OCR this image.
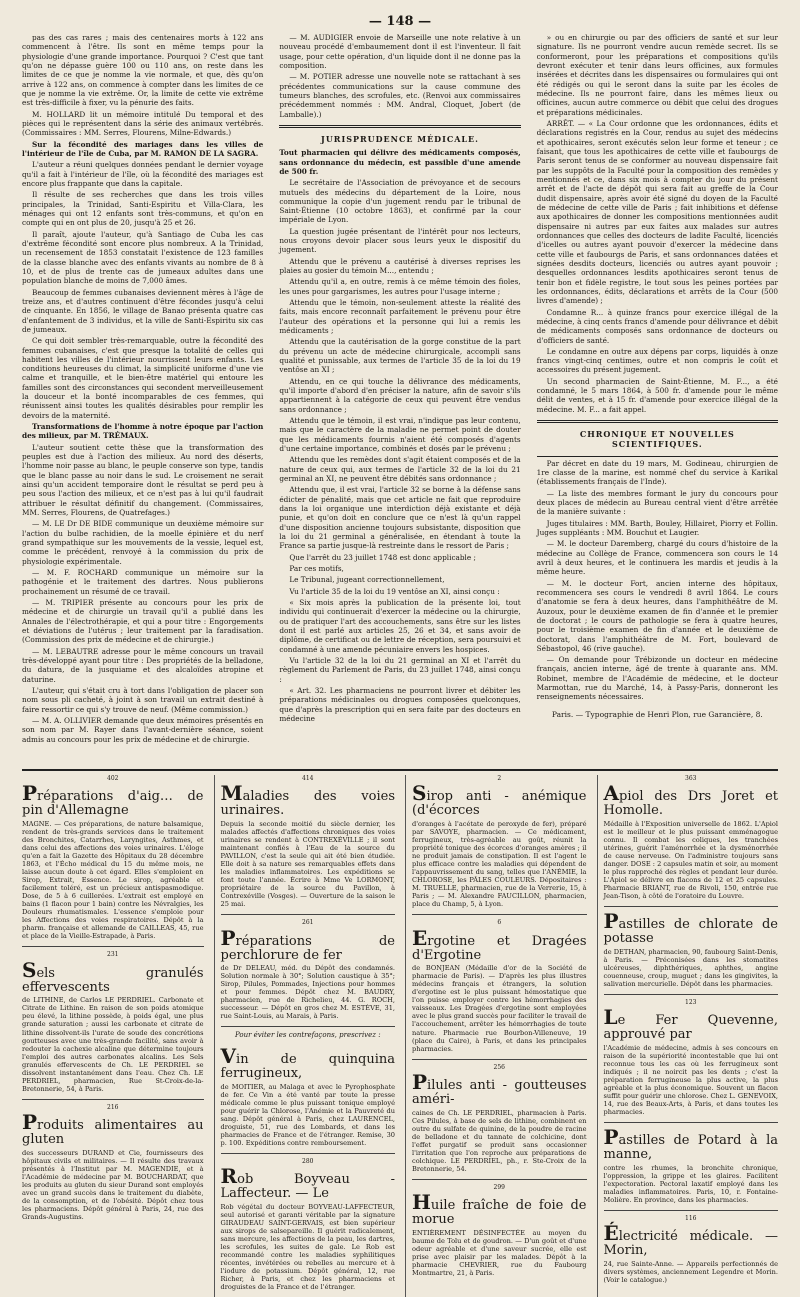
— 148 —

pas des cas rares ; mais des centenaires morts à 122 ans commencent à l'être. Ils sont en même temps pour la physiologie d'une grande importance. Pourquoi ? C'est que tant qu'on ne dépasse guère 100 ou 110 ans, on reste dans les limites de ce que je nomme la vie normale, et que, dès qu'on arrive à 122 ans, on commence à compter dans les limites de ce que je nomme la vie extrême. Or, la limite de cette vie extrême est très-difficile à fixer, vu la pénurie des faits.

M. HOLLARD lit un mémoire intitulé Du temporal et des pièces qui le représentent dans la série des animaux vertébrés. (Commissaires : MM. Serres, Flourens, Milne-Edwards.)

Sur la fécondité des mariages dans les villes de l'intérieur de l'île de Cuba, par M. RAMON DE LA SAGRA.

L'auteur a réuni quelques données pendant le dernier voyage qu'il a fait à l'intérieur de l'île, où la fécondité des mariages est encore plus frappante que dans la capitale.

Il résulte de ses recherches que dans les trois villes principales, la Trinidad, Santi-Espiritu et Villa-Clara, les ménages qui ont 12 enfants sont très-communs, et qu'on en compte qui en ont plus de 20, jusqu'à 25 et 26.

Il paraît, ajoute l'auteur, qu'à Santiago de Cuba les cas d'extrême fécondité sont encore plus nombreux. A la Trinidad, un recensement de 1853 constatait l'existence de 123 familles de la classe blanche avec des enfants vivants au nombre de 8 à 10, et de plus de trente cas de jumeaux adultes dans une population blanche de moins de 7,000 âmes.

Beaucoup de femmes cubanaises deviennent mères à l'âge de treize ans, et d'autres continuent d'être fécondes jusqu'à celui de cinquante. En 1856, le village de Banao présenta quatre cas d'enfantement de 3 individus, et la ville de Santi-Espiritu six cas de jumeaux.

Ce qui doit sembler très-remarquable, outre la fécondité des femmes cubanaises, c'est que presque la totalité de celles qui habitent les villes de l'intérieur nourrissent leurs enfants. Les conditions heureuses du climat, la simplicité uniforme d'une vie calme et tranquille, et le bien-être matériel qui entoure les familles sont des circonstances qui secondent merveilleusement la douceur et la bonté incomparables de ces femmes, qui réunissent ainsi toutes les qualités désirables pour remplir les devoirs de la maternité.

Transformations de l'homme à notre époque par l'action des milieux, par M. TRÉMAUX.

L'auteur soutient cette thèse que la transformation des peuples est due à l'action des milieux. Au nord des déserts, l'homme noir passe au blanc, le peuple conserve son type, tandis que le blanc passe au noir dans le sud. Le croisement ne serait ainsi qu'un accident temporaire dont le résultat se perd peu à peu sous l'action des milieux, et ce n'est pas à lui qu'il faudrait attribuer le résultat définitif du changement. (Commissaires, MM. Serres, Flourens, de Quatrefages.)

— M. LE Dr DE BIDE communique un deuxième mémoire sur l'action du bulbe rachidien, de la moelle épinière et du nerf grand sympathique sur les mouvements de la vessie, lequel est, comme le précédent, renvoyé à la commission du prix de physiologie expérimentale.

— M. F. ROCHARD communique un mémoire sur la pathogénie et le traitement des dartres. Nous publierons prochainement un résumé de ce travail.

— M. TRIPIER présente au concours pour les prix de médecine et de chirurgie un travail qu'il a publié dans les Annales de l'électrothérapie, et qui a pour titre : Engorgements et déviations de l'utérus ; leur traitement par la faradisation. (Commission des prix de médecine et de chirurgie.)

— M. LEBAUTRE adresse pour le même concours un travail très-développé ayant pour titre : Des propriétés de la belladone, du datura, de la jusquiame et des alcaloïdes atropine et daturine.

L'auteur, qui s'était cru à tort dans l'obligation de placer son nom sous pli cacheté, à joint à son travail un extrait destiné à faire ressortir ce qui s'y trouve de neuf. (Même commission.)

— M. A. OLLIVIER demande que deux mémoires présentés en son nom par M. Rayer dans l'avant-dernière séance, soient admis au concours pour les prix de médecine et de chirurgie.

— M. AUDIGIER envoie de Marseille une note relative à un nouveau procédé d'embaumement dont il est l'inventeur. Il fait usage, pour cette opération, d'un liquide dont il ne donne pas la composition.

— M. POTIER adresse une nouvelle note se rattachant à ses précédentes communications sur la cause commune des tumeurs blanches, des scrofules, etc. (Renvoi aux commissaires précédemment nommés : MM. Andral, Cloquet, Jobert (de Lamballe).)

JURISPRUDENCE MÉDICALE.

Tout pharmacien qui délivre des médicaments composés, sans ordonnance du médecin, est passible d'une amende de 500 fr.

Le secrétaire de l'Association de prévoyance et de secours mutuels des médecins du département de la Loire, nous communique la copie d'un jugement rendu par le tribunal de Saint-Étienne (10 octobre 1863), et confirmé par la cour impériale de Lyon.

La question jugée présentant de l'intérêt pour nos lecteurs, nous croyons devoir placer sous leurs yeux le dispositif du jugement.

Attendu que le prévenu a cautérisé à diverses reprises les plaies au gosier du témoin M..., entendu ;

Attendu qu'il a, en outre, remis à ce même témoin des fioles, les unes pour gargarismes, les autres pour l'usage interne ;

Attendu que le témoin, non-seulement atteste la réalité des faits, mais encore reconnaît parfaitement le prévenu pour être l'auteur des opérations et la personne qui lui a remis les médicaments ;

Attendu que la cautérisation de la gorge constitue de la part du prévenu un acte de médecine chirurgicale, accompli sans qualité et punissable, aux termes de l'article 35 de la loi du 19 ventôse an XI ;

Attendu, en ce qui touche la délivrance des médicaments, qu'il importe d'abord d'en préciser la nature, afin de savoir s'ils appartiennent à la catégorie de ceux qui peuvent être vendus sans ordonnance ;

Attendu que le témoin, il est vrai, n'indique pas leur contenu, mais que le caractère de la maladie ne permet point de douter que les médicaments fournis n'aient été composés d'agents d'une certaine importance, combinés et dosés par le prévenu ;

Attendu que les remèdes dont s'agit étaient composés et de la nature de ceux qui, aux termes de l'article 32 de la loi du 21 germinal an XI, ne peuvent être débités sans ordonnance ;

Attendu que, il est vrai, l'article 32 se borne à la défense sans édicter de pénalité, mais que cet article ne fait que reproduire dans la loi organique une interdiction déjà existante et déjà punie, et qu'on doit en conclure que ce n'est là qu'un rappel d'une disposition ancienne toujours subsistante, disposition que la loi du 21 germinal a généralisée, en étendant à toute la France sa partie jusque-là restreinte dans le ressort de Paris ;

Que l'arrêt du 23 juillet 1748 est donc applicable ;

Par ces motifs,

Le Tribunal, jugeant correctionnellement,

Vu l'article 35 de la loi du 19 ventôse an XI, ainsi conçu :

« Six mois après la publication de la présente loi, tout individu qui continuerait d'exercer la médecine ou la chirurgie, ou de pratiquer l'art des accouchements, sans être sur les listes dont il est parlé aux articles 25, 26 et 34, et sans avoir de diplôme, de certificat ou de lettre de réception, sera poursuivi et condamné à une amende pécuniaire envers les hospices.

Vu l'article 32 de la loi du 21 germinal an XI et l'arrêt du règlement du Parlement de Paris, du 23 juillet 1748, ainsi conçu :

« Art. 32. Les pharmaciens ne pourront livrer et débiter les préparations médicinales ou drogues composées quelconques, que d'après la prescription qui en sera faite par des docteurs en médecine

» ou en chirurgie ou par des officiers de santé et sur leur signature. Ils ne pourront vendre aucun remède secret. Ils se conformeront, pour les préparations et compositions qu'ils devront exécuter et tenir dans leurs officines, aux formules insérées et décrites dans les dispensaires ou formulaires qui ont été rédigés ou qui le seront dans la suite par les écoles de médecine. Ils ne pourront faire, dans les mêmes lieux ou officines, aucun autre commerce ou débit que celui des drogues et préparations médicinales.

ARRÊT. — « La Cour ordonne que les ordonnances, édits et déclarations registrés en la Cour, rendus au sujet des médecins et apothicaires, seront exécutés selon leur forme et teneur ; ce faisant, que tous les apothicaires de cette ville et faubourgs de Paris seront tenus de se conformer au nouveau dispensaire fait par les suppôts de la Faculté pour la composition des remèdes y mentionnés et ce, dans six mois à compter du jour du présent arrêt et de l'acte de dépôt qui sera fait au greffe de la Cour dudit dispensaire, après avoir été signé du doyen de la Faculté de médecine de cette ville de Paris ; fait inhibitions et défense aux apothicaires de donner les compositions mentionnées audit dispensaire ni autres par eux faites aux malades sur autres ordonnances que celles des docteurs de ladite Faculté, licenciés d'icelles ou autres ayant pouvoir d'exercer la médecine dans cette ville et faubourgs de Paris, et sans ordonnances datées et signées desdits docteurs, licenciés ou autres ayant pouvoir ; desquelles ordonnances lesdits apothicaires seront tenus de tenir bon et fidèle registre, le tout sous les peines portées par les ordonnances, édits, déclarations et arrêts de la Cour (500 livres d'amende) ;

Condamne R... à quinze francs pour exercice illégal de la médecine, à cinq cents francs d'amende pour délivrance et débit de médicaments composés sans ordonnance de docteurs ou d'officiers de santé.

Le condamne en outre aux dépens par corps, liquidés à onze francs vingt-cinq centimes, outre et non compris le coût et accessoires du présent jugement.

Un second pharmacien de Saint-Étienne, M. F..., a été condamné, le 5 mars 1864, à 500 fr. d'amende pour le même délit de ventes, et à 15 fr. d'amende pour exercice illégal de la médecine. M. F... a fait appel.

CHRONIQUE ET NOUVELLES SCIENTIFIQUES.

Par décret en date du 19 mars, M. Godineau, chirurgien de 1re classe de la marine, est nommé chef du service à Karikal (établissements français de l'Inde).

— La liste des membres formant le jury du concours pour deux places de médecin au Bureau central vient d'être arrêtée de la manière suivante :

Juges titulaires : MM. Barth, Bouley, Hillairet, Piorry et Follin. Juges suppléants : MM. Bouchut et Laugier.

— M. le docteur Daremberg, chargé du cours d'histoire de la médecine au Collège de France, commencera son cours le 14 avril à deux heures, et le continuera les mardis et jeudis à la même heure.

— M. le docteur Fort, ancien interne des hôpitaux, recommencera ses cours le vendredi 8 avril 1864. Le cours d'anatomie se fera à deux heures, dans l'amphithéâtre de M. Auzoux, pour le deuxième examen de fin d'année et le premier de doctorat ; le cours de pathologie se fera à quatre heures, pour le troisième examen de fin d'année et le deuxième de doctorat, dans l'amphithéâtre de M. Fort, boulevard de Sébastopol, 46 (rive gauche).

— On demande pour Trébizonde un docteur en médecine français, ancien interne, âgé de trente à quarante ans. MM. Robinet, membre de l'Académie de médecine, et le docteur Marmottan, rue du Marché, 14, à Passy-Paris, donneront les renseignements nécessaires.

Paris. — Typographie de Henri Plon, rue Garancière, 8.
402
Préparations d'aig… de pin d'Allemagne
MAGNE. — Ces préparations, de nature balsamique, rendent de très-grands services dans le traitement des Bronchites, Catarrhes, Laryngites, Asthmes, et dans celui des affections des voies urinaires. L'éloge qu'en a fait la Gazette des Hôpitaux du 28 décembre 1863, et l'Écho médical du 15 du même mois, ne laisse aucun doute à cet égard. Elles s'emploient en Sirop, Extrait, Essence. Le sirop, agréable et facilement toléré, est un précieux antispasmodique. Dose, de 5 à 6 cuillerées. L'extrait est employé en bains (1 flacon pour 1 bain) contre les Névralgies, les Douleurs rhumatismales. L'essence s'emploie pour les Affections des voies respiratoires. Dépôt à la pharm. française et allemande de CAILLEAS, 45, rue et place de la Vieille-Estrapade, à Paris.
231
Sels granulés effervescents
de LITHINE, de Carlos LE PERDRIEL. Carbonate et Citrate de Lithine. En raison de son poids atomique peu élevé, la lithine possède, à poids égal, une plus grande saturation ; aussi les carbonate et citrate de lithine dissolvent-ils l'urate de soude des concrétions goutteuses avec une très-grande facilité, sans avoir à redouter la cachexie alcaline que détermine toujours l'emploi des autres carbonates alcalins. Les Sels granulés effervescents de Ch. LE PERDRIEL se dissolvent instantanément dans l'eau. Chez Ch. LE PERDRIEL, pharmacien, Rue St-Croix-de-la-Bretonnerie, 54, à Paris.
216
Produits alimentaires au gluten
des successeurs DURAND et Cie, fournisseurs des hôpitaux civils et militaires. — Il résulte des travaux présentés à l'Institut par M. MAGENDIE, et à l'Académie de médecine par M. BOUCHARDAT, que les produits au gluten du sieur Durand sont employés avec un grand succès dans le traitement du diabète, de la consomption, et de l'obésité. Dépôt chez tous les pharmaciens. Dépôt général à Paris, 24, rue des Grands-Augustins.
414
Maladies des voies urinaires.
Depuis la seconde moitié du siècle dernier, les malades affectés d'affections chroniques des voies urinaires se rendent à CONTREXÉVILLE ; il sont maintenant confiés à l'Eau de la source du PAVILLON, c'est la seule qui ait été bien étudiée. Elle doit à sa nature ses remarquables effets dans les maladies inflammatoires. Les expéditions se font toute l'année. Écrire à Mme Ve LORMONT, propriétaire de la source du Pavillon, à Contrexéville (Vosges). — Ouverture de la saison le 25 mai.
261
Préparations de perchlorure de fer
de Dr DELEAU, méd. du Dépôt des condamnés. Solution normale à 30°; Solution caustique à 35°; Sirop, Pilules, Pommades, Injections pour hommes et pour femmes. Dépôt chez M. BAUDRY, pharmacien, rue de Richelieu, 44. G. ROCH, successeur. — Dépôt en gros chez M. ESTÈVE, 31, rue Saint-Louis, au Marais, à Paris.
Pour éviter les contrefaçons, prescrivez :
Vin de quinquina ferrugineux,
de MOITIER, au Malaga et avec le Pyrophosphate de fer. Ce Vin a été vanté par toute la presse médicale comme le plus puissant tonique employé pour guérir la Chlorose, l'Anémie et la Pauvreté du sang. Dépôt général à Paris, chez LAURENCEL, droguiste, 51, rue des Lombards, et dans les pharmacies de France et de l'étranger. Remise, 30 p. 100. Expéditions contre remboursement.
280
Rob Boyveau - Laffecteur. — Le
Rob végétal du docteur BOYVEAU-LAFFECTEUR, seul autorisé et garanti véritable par la signature GIRAUDEAU SAINT-GERVAIS, est bien supérieur aux sirops de salsepareille. Il guérit radicalement, sans mercure, les affections de la peau, les dartres, les scrofules, les suites de gale. Le Rob est recommandé contre les maladies syphilitiques récentes, invétérées ou rebelles au mercure et à l'iodure de potassium. Dépôt général, 12, rue Richer, à Paris, et chez les pharmaciens et droguistes de la France et de l'étranger.
2
Sirop anti - anémique (d'écorces
d'oranges à l'acétate de peroxyde de fer), préparé par SAVOYE, pharmacien. — Ce médicament, ferrugineux, très-agréable au goût, réunit la propriété tonique des écorces d'oranges amères ; il ne produit jamais de constipation. Il est l'agent le plus efficace contre les maladies qui dépendent de l'appauvrissement du sang, telles que l'ANÉMIE, la CHLOROSE, les PÂLES COULEURS. Dépositaires : M. TRUELLE, pharmacien, rue de la Verrerie, 15, à Paris ; — M. Alexandre FAUCILLON, pharmacien, place du Champ, 5, à Lyon.
6
Ergotine et Dragées d'Ergotine
de BONJEAN (Médaille d'or de la Société de pharmacie de Paris). — D'après les plus illustres médecins français et étrangers, la solution d'ergotine est le plus puissant hémostatique que l'on puisse employer contre les hémorrhagies des vaisseaux. Les Dragées d'ergotine sont employées avec le plus grand succès pour faciliter le travail de l'accouchement, arrêter les hémorrhagies de toute nature. Pharmacie rue Bourbon-Villeneuve, 19 (place du Caire), à Paris, et dans les principales pharmacies.
256
Pilules anti - goutteuses améri-
caines de Ch. LE PERDRIEL, pharmacien à Paris. Ces Pilules, à base de sels de lithine, combinent en outre du sulfate de quinine, de la poudre de racine de belladone et du tannate de colchicine, dont l'effet purgatif se produit sans occasionner l'irritation que l'on reproche aux préparations de colchique. LE PERDRIEL, ph., r. Ste-Croix de la Bretonnerie, 54.
299
Huile fraîche de foie de morue
ENTIÈREMENT DÉSINFECTÉE au moyen du baume de Tolu et de goudron. — D'un goût et d'une odeur agréable et d'une saveur sucrée, elle est prise avec plaisir par les malades. Dépôt à la pharmacie CHEVRIER, rue du Faubourg Montmartre, 21, à Paris.
363
Apiol des Drs Joret et Homolle.
Médaille à l'Exposition universelle de 1862. L'Apiol est le meilleur et le plus puissant emménagogue connu. Il combat les coliques, les tranchées utérines, guérit l'aménorrhée et la dysménorrhée de cause nerveuse. On l'administre toujours sans danger. DOSE : 2 capsules matin et soir, au moment le plus rapproché des règles et pendant leur durée. L'Apiol se délivre en flacons de 12 et 25 capsules. Pharmacie BRIANT, rue de Rivoli, 150, entrée rue Jean-Tison, à côté de l'oratoire du Louvre.
Pastilles de chlorate de potasse
de DETHAN, pharmacien, 90, faubourg Saint-Denis, à Paris. — Préconisées dans les stomatites ulcéreuses, diphthériques, aphthes, angine couenneuse, croup, muguet ; dans les gingivites, la salivation mercurielle. Dépôt dans les pharmacies.
123
Le Fer Quevenne, approuvé par
l'Académie de médecine, admis à ses concours en raison de la supériorité incontestable que lui ont reconnue tous les cas où les ferrugineux sont indiqués ; il ne noircit pas les dents ; c'est la préparation ferrugineuse la plus active, la plus agréable et la plus économique. Souvent un flacon suffit pour guérir une chlorose. Chez L. GENEVOIX, 14, rue des Beaux-Arts, à Paris, et dans toutes les pharmacies.
Pastilles de Potard à la manne,
contre les rhumes, la bronchite chronique, l'oppression, la grippe et les glaires. Facilitent l'expectoration. Pectoral laxatif employé dans les maladies inflammatoires. Paris, 10, r. Fontaine-Molière. En province, dans les pharmacies.
116
Électricité médicale. — Morin,
24, rue Sainte-Anne. — Appareils perfectionnés de divers systèmes, anciennement Legendre et Morin. (Voir le catalogue.)
